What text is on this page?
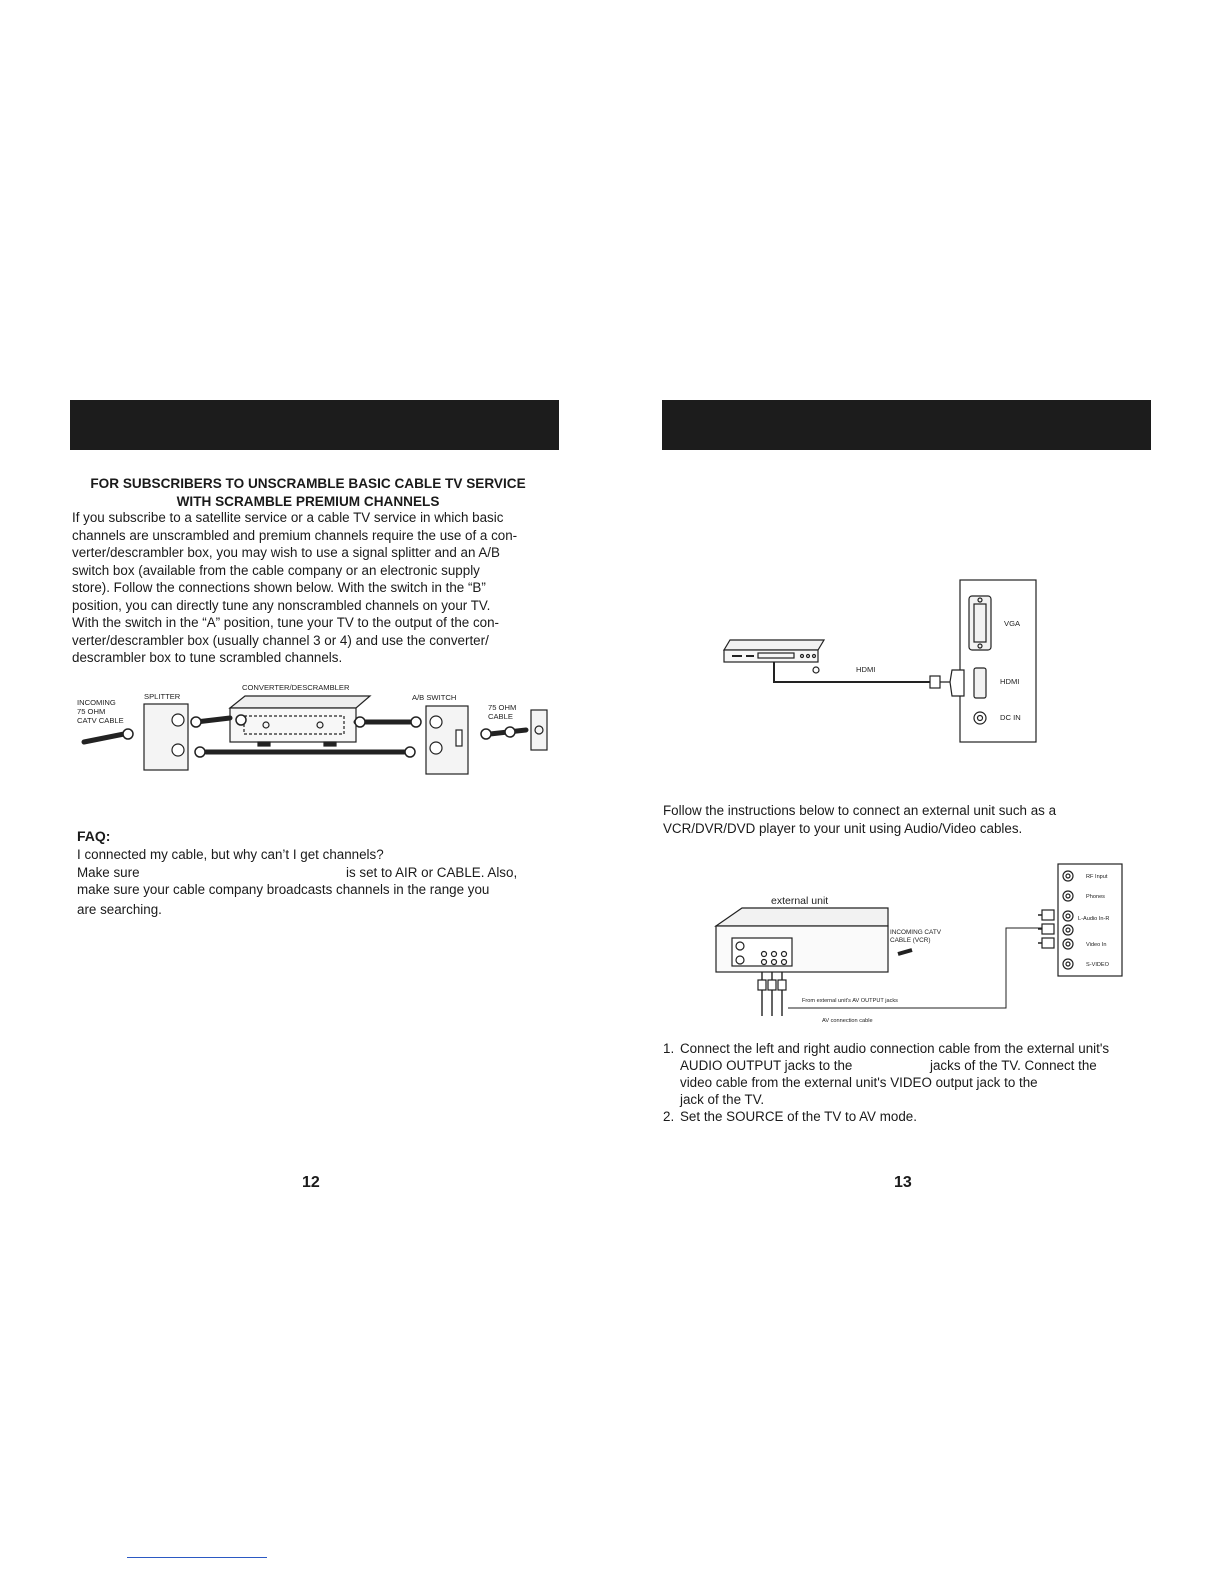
FOR SUBSCRIBERS TO UNSCRAMBLE BASIC CABLE TV SERVICE
WITH SCRAMBLE PREMIUM CHANNELS
If you subscribe to a satellite service or a cable TV service in which basic
channels are unscrambled and premium channels require the use of a con-
verter/descrambler box, you may wish to use a signal splitter and an A/B
switch box (available from the cable company or an electronic supply
store). Follow the connections shown below. With the switch in the “B”
position, you can directly tune any nonscrambled channels on your TV.
With the switch in the “A” position, tune your TV to the output of the con-
verter/descrambler box (usually channel 3 or 4) and use the converter/
descrambler box to tune scrambled channels.
CONVERTER/DESCRAMBLER
SPLITTER	A/B SWITCH
INCOMING
75 OHM
CATV CABLE
75 OHM
CABLE
FAQ:
I connected my cable, but why can’t I get channels?
Make sure	is set to AIR or CABLE. Also,
make sure your cable company broadcasts channels in the range you
are searching.
12
VGA
HDMI
DC IN
HDMI
Follow the instructions below to connect an external unit such as a
VCR/DVR/DVD player to your unit using Audio/Video cables.
external unit
INCOMING CATV
CABLE (VCR)
RF Input
Phones
L-Audio In-R
Video In
S-VIDEO
From external unit's AV OUTPUT jacks
AV connection cable
1. Connect the left and right audio connection cable from the external unit's
AUDIO OUTPUT jacks to the	jacks of the TV. Connect the
video cable from the external unit's VIDEO output jack to the
jack of the TV.
2. Set the SOURCE of the TV to AV mode.
13
